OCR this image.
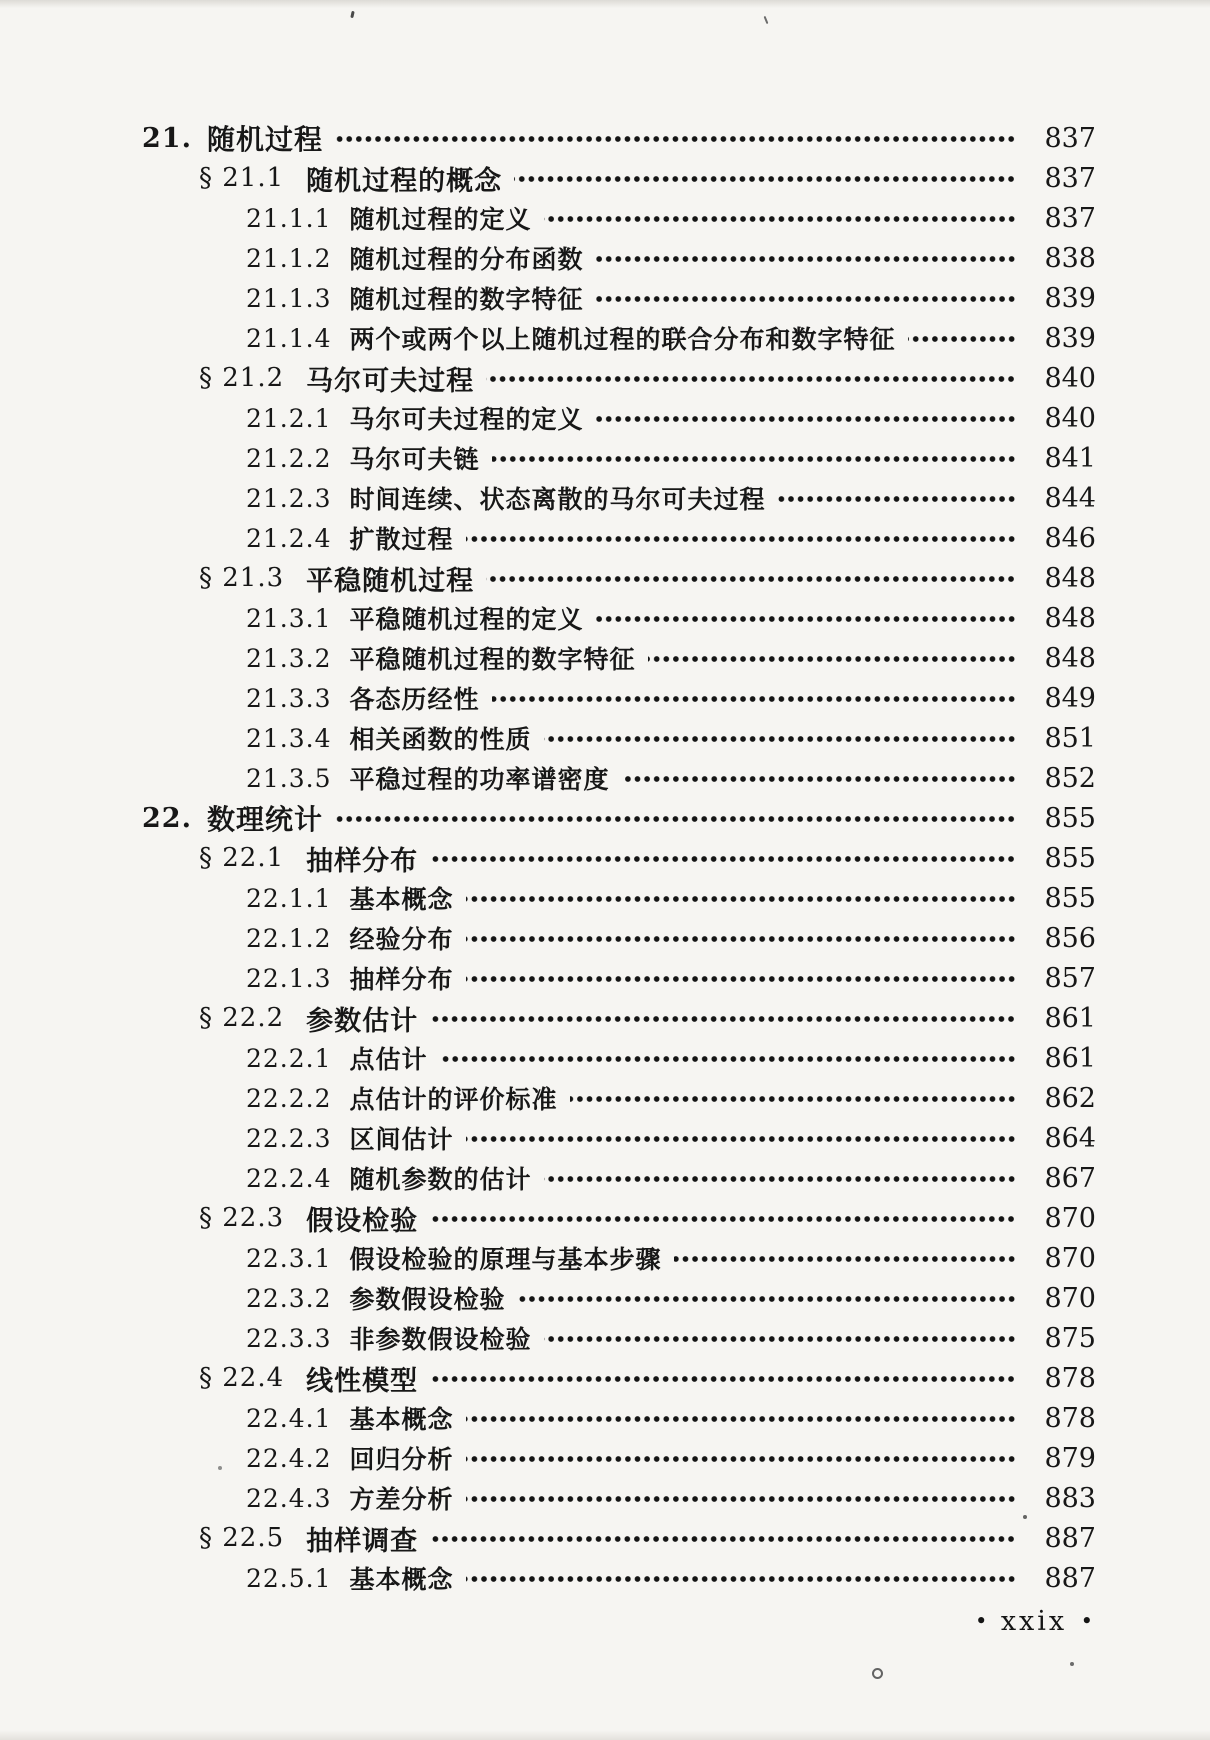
21. 随机过程	837
§ 21.1 随机过程的概念	837
21.1.1 随机过程的定义	837
21.1.2 随机过程的分布函数	838
21.1.3 随机过程的数字特征	839
21.1.4 两个或两个以上随机过程的联合分布和数字特征	839
§ 21.2 马尔可夫过程	840
21.2.1 马尔可夫过程的定义	840
21.2.2 马尔可夫链	841
21.2.3 时间连续、状态离散的马尔可夫过程	844
21.2.4 扩散过程	846
§ 21.3 平稳随机过程	848
21.3.1 平稳随机过程的定义	848
21.3.2 平稳随机过程的数字特征	848
21.3.3 各态历经性	849
21.3.4 相关函数的性质	851
21.3.5 平稳过程的功率谱密度	852
22. 数理统计	855
§ 22.1 抽样分布	855
22.1.1 基本概念	855
22.1.2 经验分布	856
22.1.3 抽样分布	857
§ 22.2 参数估计	861
22.2.1 点估计	861
22.2.2 点估计的评价标准	862
22.2.3 区间估计	864
22.2.4 随机参数的估计	867
§ 22.3 假设检验	870
22.3.1 假设检验的原理与基本步骤	870
22.3.2 参数假设检验	870
22.3.3 非参数假设检验	875
§ 22.4 线性模型	878
22.4.1 基本概念	878
22.4.2 回归分析	879
22.4.3 方差分析	883
§ 22.5 抽样调查	887
22.5.1 基本概念	887
• xxix •
